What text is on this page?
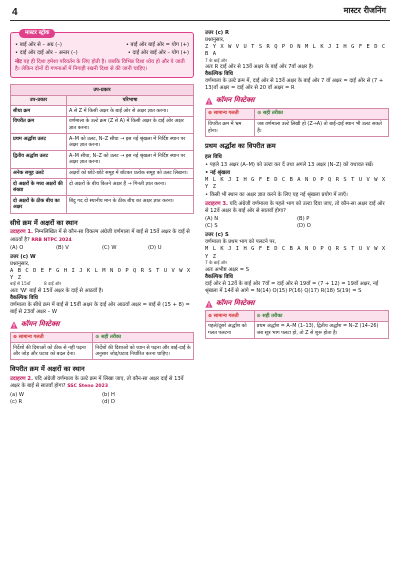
4	मास्टर रीजनिंग
मास्टर स्ट्रोक
• बाईं ओर से – अग्र (–)	• बाईं ओर बाईं ओर = योग (+)
• दाईं ओर दाईं ओर – अन्तर (–)	• दाईं ओर बाईं ओर – योग (+)
नोट यह ही दिशा हमेशा परिवर्तन के लिए होती है। जबकि विभिन्न दिशा ध्येय हो और ये जाती है। लेकिन दोनों दी गणनाओं में निगाही रखनी दिशा से की जानी चाहिए।
उप-प्रकार	
उप-प्रकार	परिभाषा
सीधा क्रम	A से Z में किसी अक्षर के बाईं ओर से अक्षर ज्ञात करना।
विपरीत क्रम	वर्णमाला के उल्टे क्रम (Z से A) में किसी अक्षर के दाईं ओर अक्षर ज्ञात करना।
प्रथम अर्द्धांश उलट	A–M को उलट, N–Z सीधा → इस नई श्रृंखला में निर्दिष्ट स्थान पर अक्षर ज्ञात करना।
द्वितीय अर्द्धांश उलट	A–M सीधा, N–Z को उलट → इस नई श्रृंखला में निर्दिष्ट स्थान पर अक्षर ज्ञात करना।
अनेक समूह उलटे	अक्षरों को छोटे-छोटे समूह में बाँटकर प्रत्येक समूह को उलट लिखना।
दो अक्षरों के मध्य अक्षरों की संख्या	दो अक्षरों के बीच कितने अक्षर हैं → गिनती ज्ञात करना।
दो अक्षरों के ठीक बीच का अक्षर	बिंदु गद दो स्थानीय मान के ठीक बीच का अक्षर ज्ञात करना।
सीधे क्रम में अक्षरों का स्थान
उदाहरण 1. निम्नलिखित में से कौन-सा विकल्प अंग्रेजी वर्णमाला में बाईं से 15वें अक्षर के दाईं से आठवाँ है? RRB NTPC 2024
(A) O	(B) V	(C) W	(D) U
उत्तर (c) W
प्रश्नानुसार,
A B C D E F G H I J K L M N O P Q R S T U V W X Y Z
बाईं से 15वाँ	8 दाईं ओर
अतः 'W' बाईं से 15वें अक्षर के दाईं से आठवाँ है।
वैकल्पिक विधि
वर्णमाला के सीधे क्रम में बाईं से 15वीं अक्षर के दाईं ओर आठवाँ अक्षर = बाईं से (15 + 8) = बाईं से 23वाँ अक्षर – W
कॉमन मिस्टेक्स
⊗ सामान्य गलती	⊙ सही तरीका
निर्देशों की दिशाओं को ठीक से नहीं पढ़ना और जोड़ और घटाव को बदल देना।	निर्देशों की दिशाओं को ध्यान से पढ़ना और बाईं-दाईं के अनुसार जोड़/घटाव निर्धारित करना चाहिए।
विपरीत क्रम में अक्षरों का स्थान
उदाहरण 2. यदि अंग्रेजी वर्णमाला के उल्टे क्रम में लिखा जाए, तो कौन-सा अक्षर दाईं से 13वें अक्षर के बाईं से सातवाँ होगा? SSC Steno 2023
(a) W	(b) H
(c) R	(d) D
उत्तर (c) R
प्रश्नानुसार,
Z Y X W V U T S R Q P O N M L K J I H G F E D C B A
7 के बाईं ओर
अतः R दाईं ओर से 13वें अक्षर के बाईं ओर 7वाँ अक्षर है।
वैकल्पिक विधि
वर्णमाला के उल्टे क्रम में, दाईं ओर से 13वें अक्षर के बाईं ओर 7 वाँ अक्षर = दाईं ओर से (7 + 13)वाँ अक्षर = दाईं ओर से 20 वाँ अक्षर = R
कॉमन मिस्टेक्स
⊗ सामान्य गलती	⊙ सही तरीका
विपरीत क्रम में भ्रम होना।	जब वर्णमाला उल्टे लिखी हो (Z→A) तो बाईं-दाईं स्थान भी उलट सकते हैं।
प्रथम अर्द्धांश का विपरीत क्रम
हल विधि
• पहले 13 अक्षर (A–M) को उल्टा कर दें तथा अगले 13 अक्षर (N–Z) को यथावत रखें।
• नई श्रृंखला
M L K J I H G F E D C B A N O P Q R S T U V W X Y Z
• किसी भी स्थान का अक्षर ज्ञात करने के लिए यह नई श्रृंखला प्रयोग में लाएँ।
उदाहरण 3. यदि अंग्रेजी वर्णमाला के पहले भाग को उल्टा दिया जाए, तो कौन-सा अक्षर दाईं ओर से 12वें अक्षर के बाईं ओर से सातवाँ होगा?
(A) N	(B) P
(C) S	(D) O
उत्तर (c) S
वर्णमाला के प्रथम भाग को पलटने पर,
M L K J I H G F E D C B A N O P Q R S T U V W X Y Z
7 के बाईं ओर
अतः अभीष्ट अक्षर = S
वैकल्पिक विधि
दाईं ओर से 12वें के बाईं ओर 7वाँ = दाईं ओर से 19वाँ = (7 + 12) = 19वाँ अक्षर, नई श्रृंखला में 14वें से आगे = N(14) O(15) P(16) Q(17) R(18) S(19) = S
कॉमन मिस्टेक्स
⊗ सामान्य गलती	⊙ सही तरीका
पहले/दूसरे अर्द्धांश को गलत पलटना	प्रथम अर्द्धांश = A–M (1–13), द्वितीय अर्द्धांश = N–Z (14–26) जब सूत्र भाग पलटा हो, तो Z से शुरू होता है।
